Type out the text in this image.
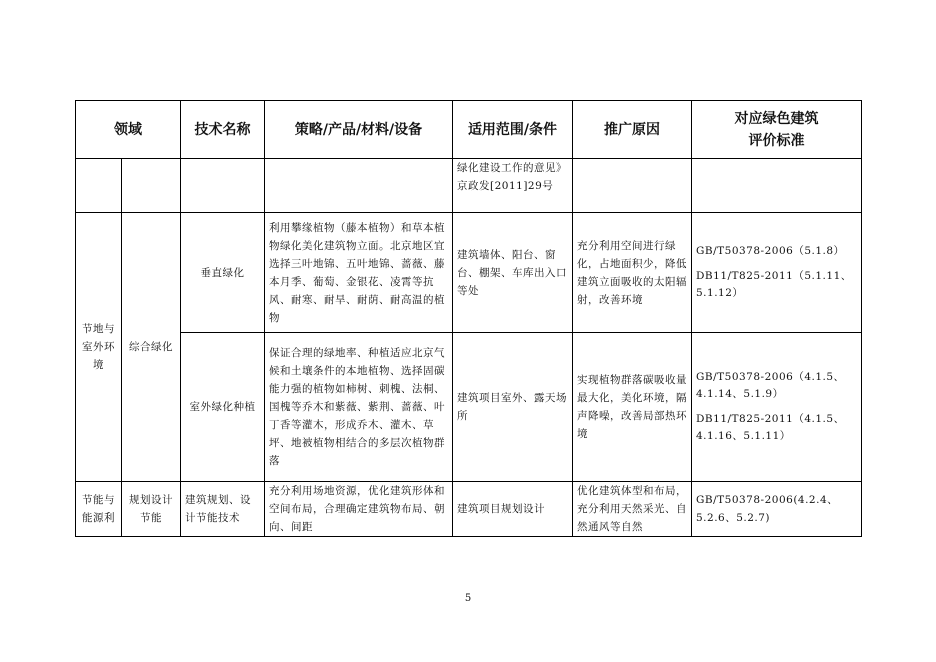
领域		技术名称	策略/产品/材料/设备	适用范围/条件	推广原因	对应绿色建筑
评价标准

				绿化建设工作的意见》京政发[2011]29号		
节地与室外环境	综合绿化	垂直绿化	利用攀缘植物（藤本植物）和草本植物绿化美化建筑物立面。北京地区宜选择三叶地锦、五叶地锦、蔷薇、藤本月季、葡萄、金银花、凌霄等抗风、耐寒、耐旱、耐荫、耐高温的植物	建筑墙体、阳台、窗台、棚架、车库出入口等处	充分利用空间进行绿化，占地面积少，降低建筑立面吸收的太阳辐射，改善环境	GB/T50378-2006（5.1.8）

DB11/T825-2011（5.1.11、5.1.12）

		室外绿化种植	保证合理的绿地率、种植适应北京气候和土壤条件的本地植物、选择固碳能力强的植物如柿树、刺槐、法桐、国槐等乔木和紫薇、紫荆、蔷薇、叶丁香等灌木，形成乔木、灌木、草坪、地被植物相结合的多层次植物群落	建筑项目室外、露天场所	实现植物群落碳吸收量最大化，美化环境，隔声降噪，改善局部热环境	GB/T50378-2006（4.1.5、4.1.14、5.1.9）

DB11/T825-2011（4.1.5、4.1.16、5.1.11）

节能与能源利	规划设计节能	建筑规划、设计节能技术	充分利用场地资源，优化建筑形体和空间布局，合理确定建筑物布局、朝向、间距	建筑项目规划设计	优化建筑体型和布局，充分利用天然采光、自然通风等自然	GB/T50378-2006(4.2.4、5.2.6、5.2.7)
5
